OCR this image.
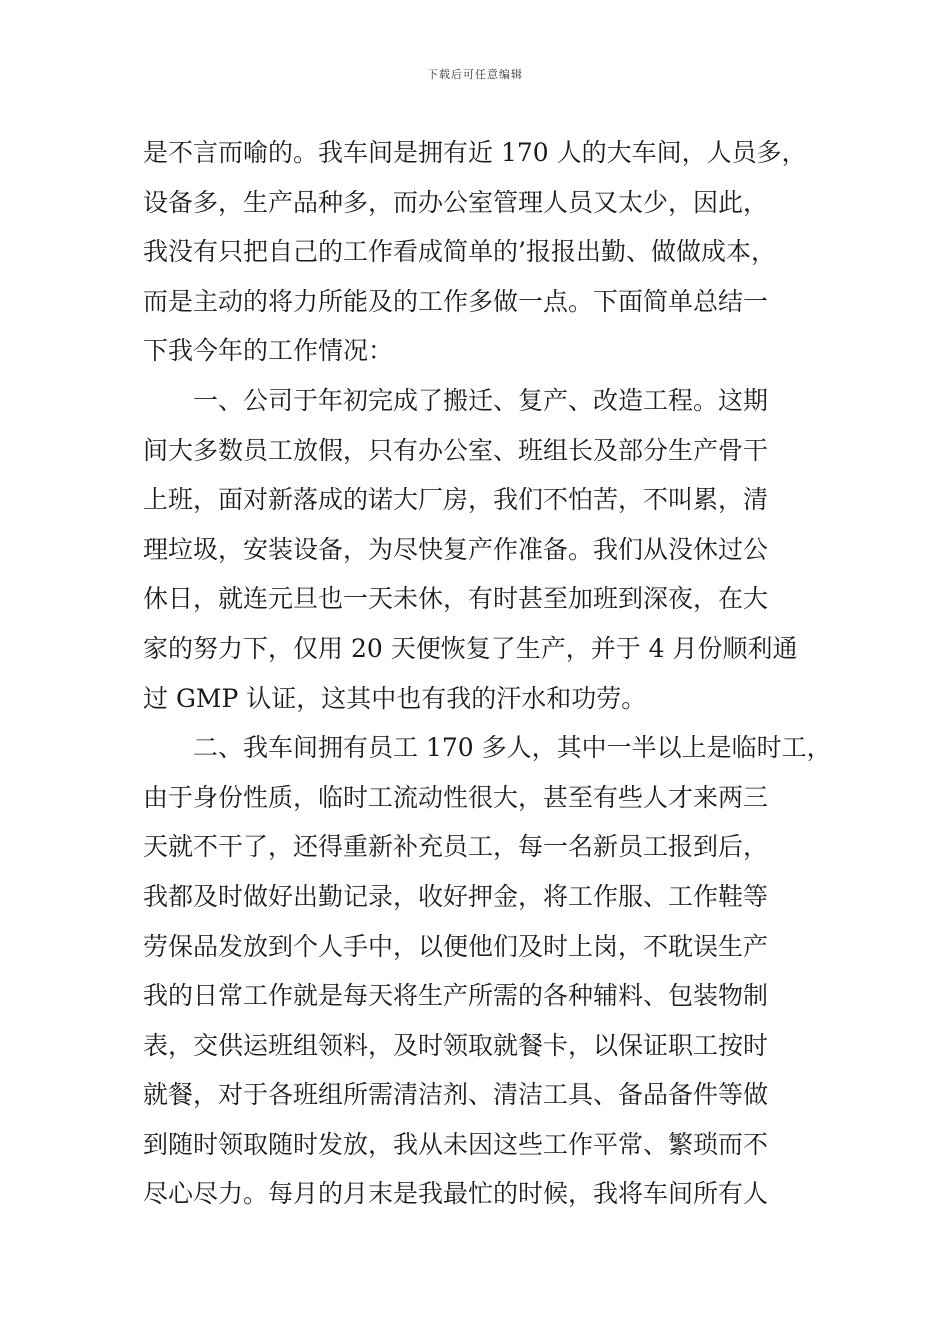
下载后可任意编辑
是不言而喻的。我车间是拥有近 170 人的大车间，人员多，
设备多，生产品种多，而办公室管理人员又太少，因此，
我没有只把自己的工作看成简单的’报报出勤、做做成本，
而是主动的将力所能及的工作多做一点。下面简单总结一
下我今年的工作情况：
一、公司于年初完成了搬迁、复产、改造工程。这期
间大多数员工放假，只有办公室、班组长及部分生产骨干
上班，面对新落成的诺大厂房，我们不怕苦，不叫累，清
理垃圾，安装设备，为尽快复产作准备。我们从没休过公
休日，就连元旦也一天未休，有时甚至加班到深夜，在大
家的努力下，仅用 20 天便恢复了生产，并于 4 月份顺利通
过 GMP 认证，这其中也有我的汗水和功劳。
二、我车间拥有员工 170 多人，其中一半以上是临时工，
由于身份性质，临时工流动性很大，甚至有些人才来两三
天就不干了，还得重新补充员工，每一名新员工报到后，
我都及时做好出勤记录，收好押金，将工作服、工作鞋等
劳保品发放到个人手中，以便他们及时上岗，不耽误生产
我的日常工作就是每天将生产所需的各种辅料、包装物制
表，交供运班组领料，及时领取就餐卡，以保证职工按时
就餐，对于各班组所需清洁剂、清洁工具、备品备件等做
到随时领取随时发放，我从未因这些工作平常、繁琐而不
尽心尽力。每月的月末是我最忙的时候，我将车间所有人
